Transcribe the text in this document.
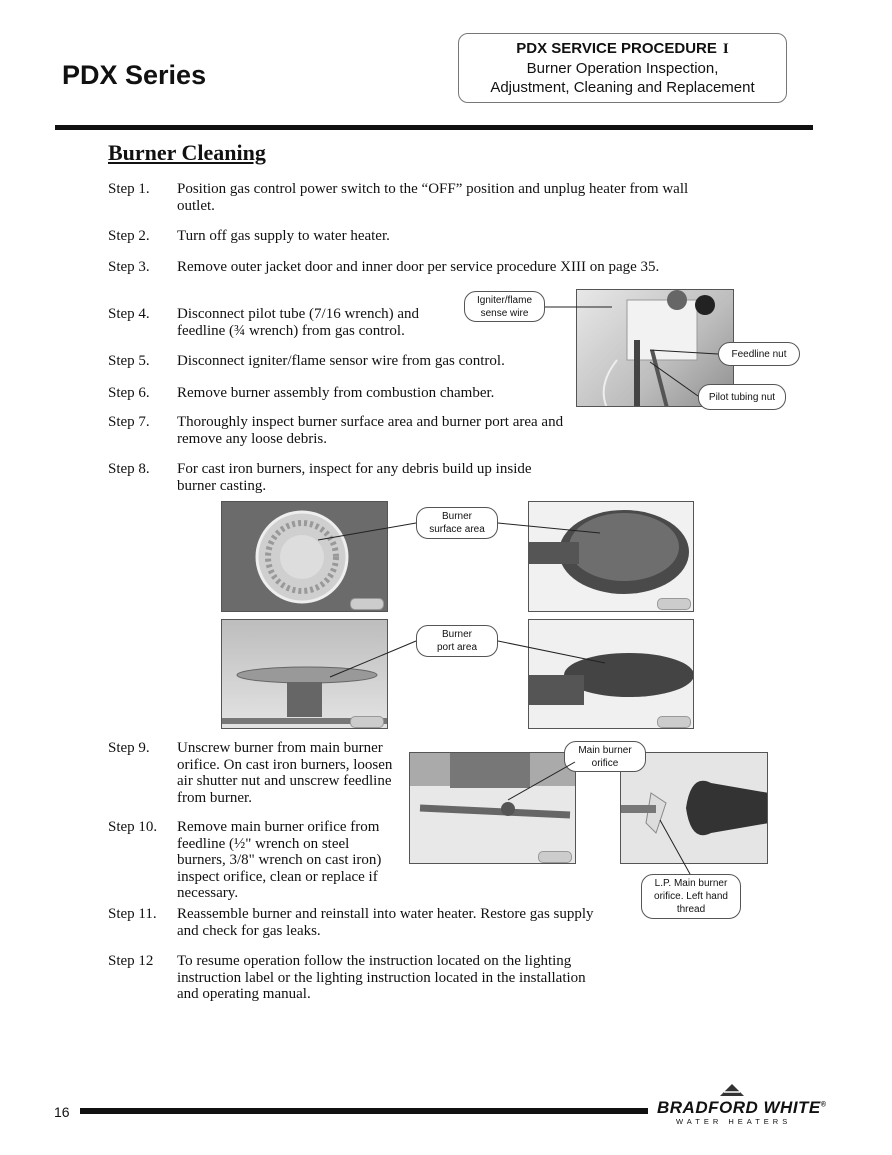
PDX Series
PDX SERVICE PROCEDURE I
Burner Operation Inspection,
Adjustment, Cleaning and Replacement
Burner Cleaning
Step 1. Position gas control power switch to the “OFF” position and unplug heater from wall
outlet.
Step 2. Turn off gas supply to water heater.
Step 3. Remove outer jacket door and inner door per service procedure XIII on page 35.
Step 4. Disconnect pilot tube (7/16 wrench) and
feedline (¾ wrench) from gas control.
Step 5. Disconnect igniter/flame sensor wire from gas control.
Step 6. Remove burner assembly from combustion chamber.
Step 7. Thoroughly inspect burner surface area and burner port area and
remove any loose debris.
Step 8. For cast iron burners, inspect for any debris build up inside
burner casting.
Step 9. Unscrew burner from main burner
orifice. On cast iron burners, loosen
air shutter nut and unscrew feedline
from burner.
Step 10. Remove main burner orifice from
feedline (½" wrench on steel
burners, 3/8" wrench on cast iron)
inspect orifice, clean or replace if
necessary.
Step 11. Reassemble burner and reinstall into water heater. Restore gas supply
and check for gas leaks.
Step 12 To resume operation follow the instruction located on the lighting
instruction label or the lighting instruction located in the installation
and operating manual.
Igniter/flame
sense wire
Feedline nut
Pilot tubing nut
Burner
surface area
Burner
port area
Main burner
orifice
L.P. Main burner
orifice. Left hand
thread
16	BRADFORD WHITE®
WATER HEATERS
